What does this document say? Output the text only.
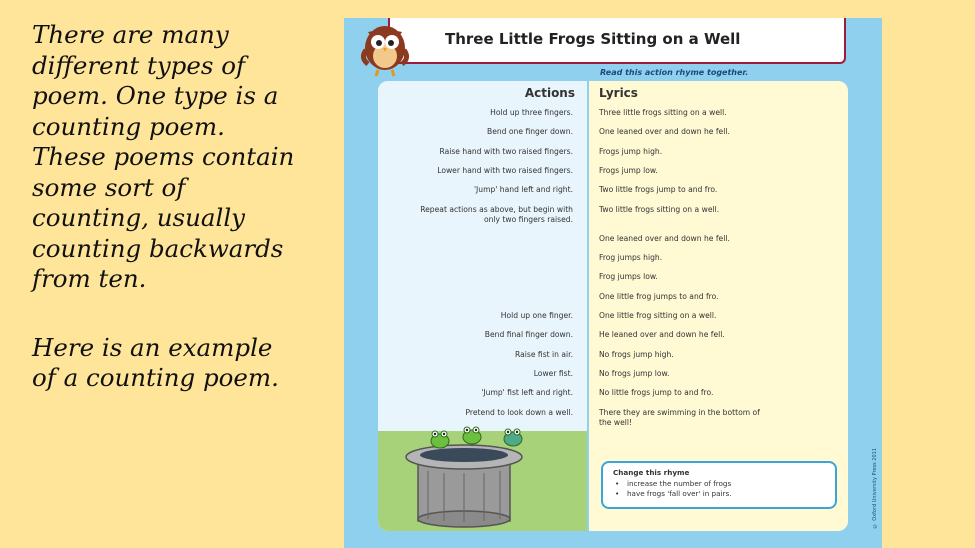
There are many
different types of
poem. One type is a
counting poem.
These poems contain
some sort of
counting, usually
counting backwards
from ten.

Here is an example
of a counting poem.

Three Little Frogs Sitting on a Well
Read this action rhyme together.
Actions
Hold up three fingers.
Bend one finger down.
Raise hand with two raised fingers.
Lower hand with two raised fingers.
'Jump' hand left and right.
Repeat actions as above, but begin with only two fingers raised.
Hold up one finger.
Bend final finger down.
Raise fist in air.
Lower fist.
'Jump' fist left and right.
Pretend to look down a well.
Lyrics
Three little frogs sitting on a well.
One leaned over and down he fell.
Frogs jump high.
Frogs jump low.
Two little frogs jump to and fro.
Two little frogs sitting on a well.
One leaned over and down he fell.
Frog jumps high.
Frog jumps low.
One little frog jumps to and fro.
One little frog sitting on a well.
He leaned over and down he fell.
No frogs jump high.
No frogs jump low.
No little frogs jump to and fro.
There they are swimming in the bottom of the well!
Change this rhyme
• increase the number of frogs
• have frogs 'fall over' in pairs.	© Oxford University Press 2011
